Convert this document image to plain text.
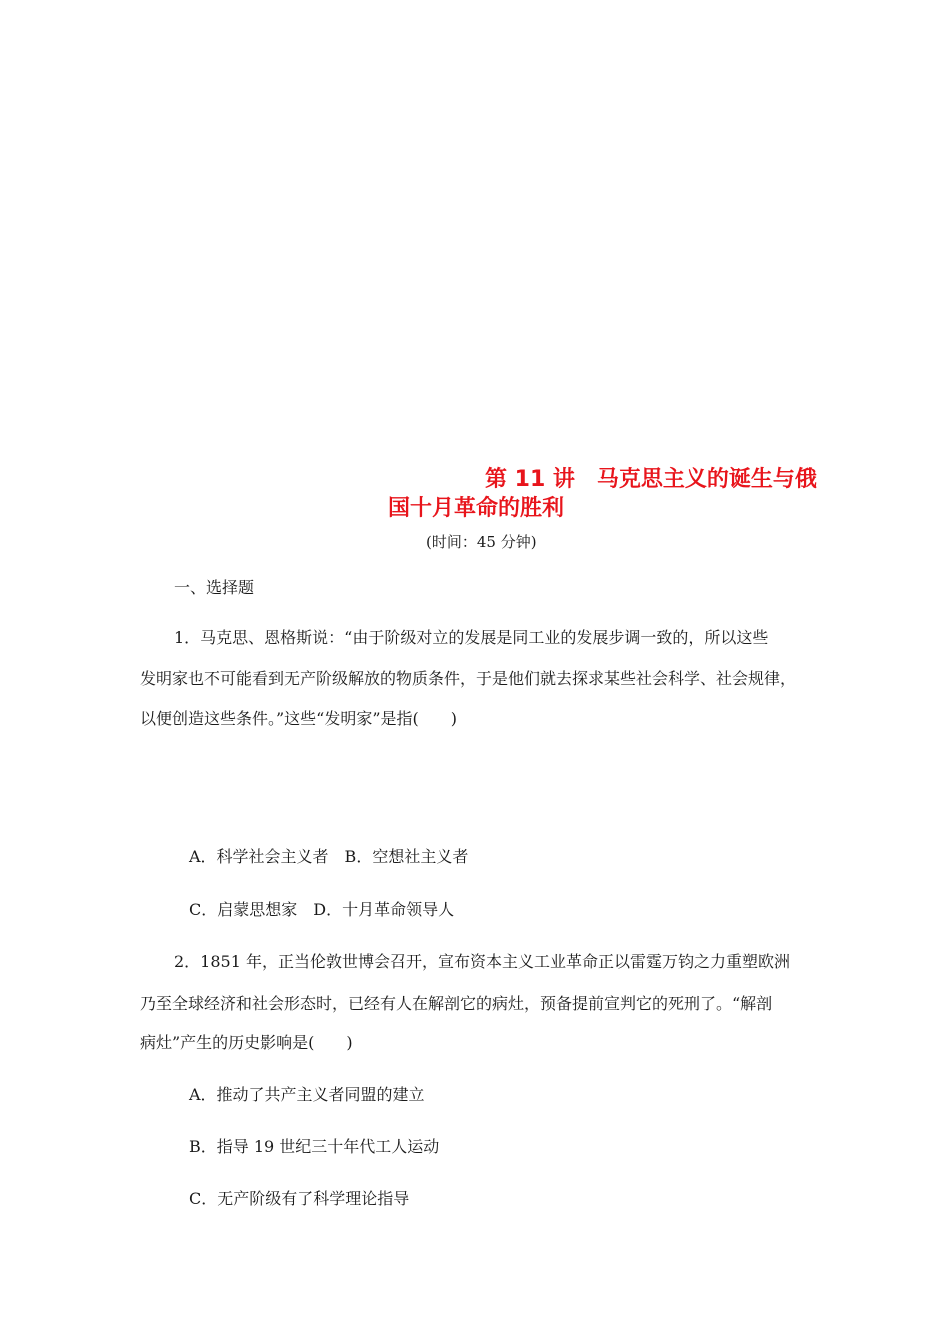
第 11 讲　马克思主义的诞生与俄
国十月革命的胜利
(时间：45 分钟)
一、选择题
1．马克思、恩格斯说：“由于阶级对立的发展是同工业的发展步调一致的，所以这些
发明家也不可能看到无产阶级解放的物质条件，于是他们就去探求某些社会科学、社会规律，
以便创造这些条件。”这些“发明家”是指(　　)
A．科学社会主义者　B．空想社主义者
C．启蒙思想家　D．十月革命领导人
2．1851 年，正当伦敦世博会召开，宣布资本主义工业革命正以雷霆万钧之力重塑欧洲
乃至全球经济和社会形态时，已经有人在解剖它的病灶，预备提前宣判它的死刑了。“解剖
病灶”产生的历史影响是(　　)
A．推动了共产主义者同盟的建立
B．指导 19 世纪三十年代工人运动
C．无产阶级有了科学理论指导
